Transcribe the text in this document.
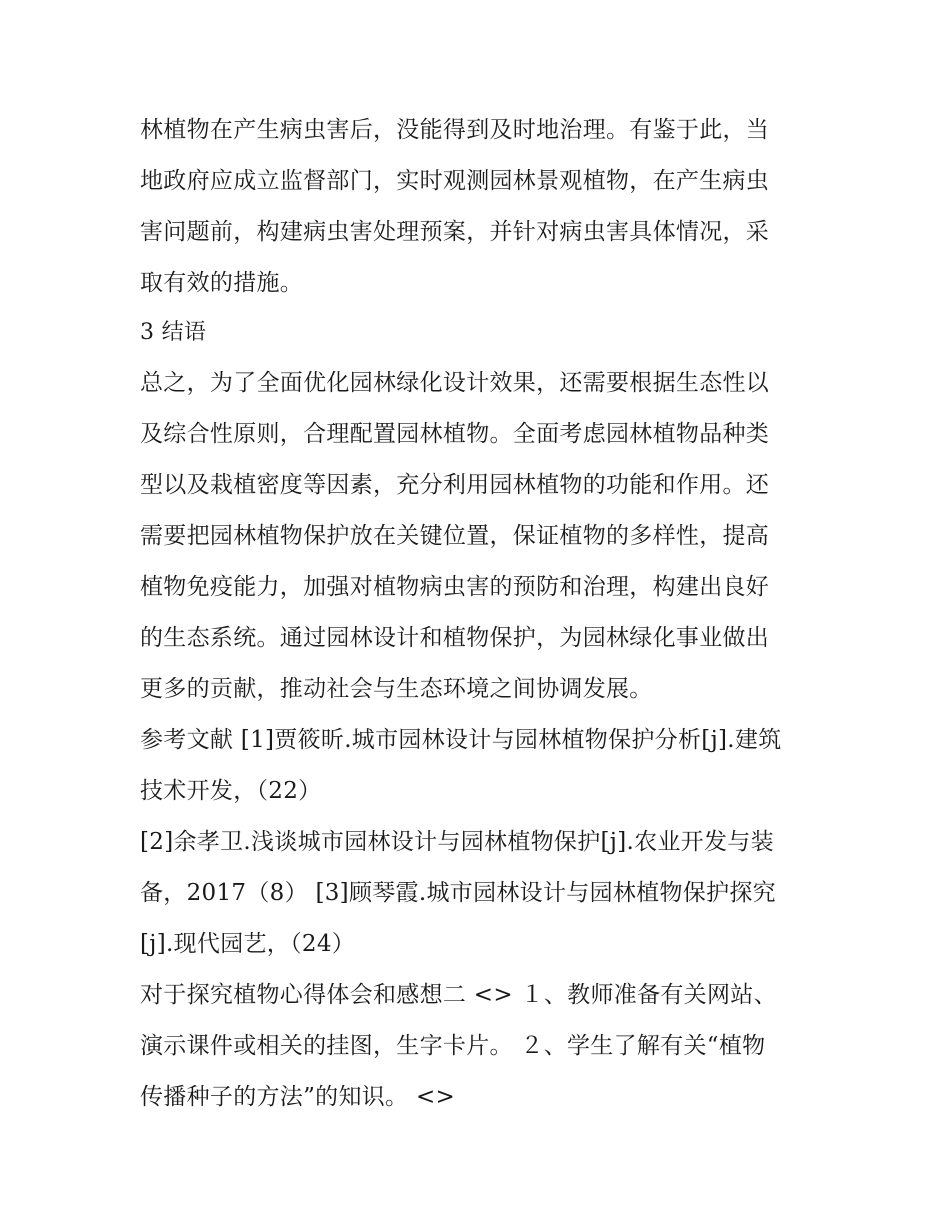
林植物在产生病虫害后，没能得到及时地治理。有鉴于此，当
地政府应成立监督部门，实时观测园林景观植物，在产生病虫
害问题前，构建病虫害处理预案，并针对病虫害具体情况，采
取有效的措施。
3 结语
总之，为了全面优化园林绿化设计效果，还需要根据生态性以
及综合性原则，合理配置园林植物。全面考虑园林植物品种类
型以及栽植密度等因素，充分利用园林植物的功能和作用。还
需要把园林植物保护放在关键位置，保证植物的多样性，提高
植物免疫能力，加强对植物病虫害的预防和治理，构建出良好
的生态系统。通过园林设计和植物保护，为园林绿化事业做出
更多的贡献，推动社会与生态环境之间协调发展。
参考文献 [1]贾筱昕.城市园林设计与园林植物保护分析[j].建筑
技术开发，（22）
[2]余孝卫.浅谈城市园林设计与园林植物保护[j].农业开发与装
备，2017（8） [3]顾琴霞.城市园林设计与园林植物保护探究
[j].现代园艺，（24）
对于探究植物心得体会和感想二 <> １、教师准备有关网站、
演示课件或相关的挂图，生字卡片。 ２、学生了解有关“植物
传播种子的方法”的知识。 <>
